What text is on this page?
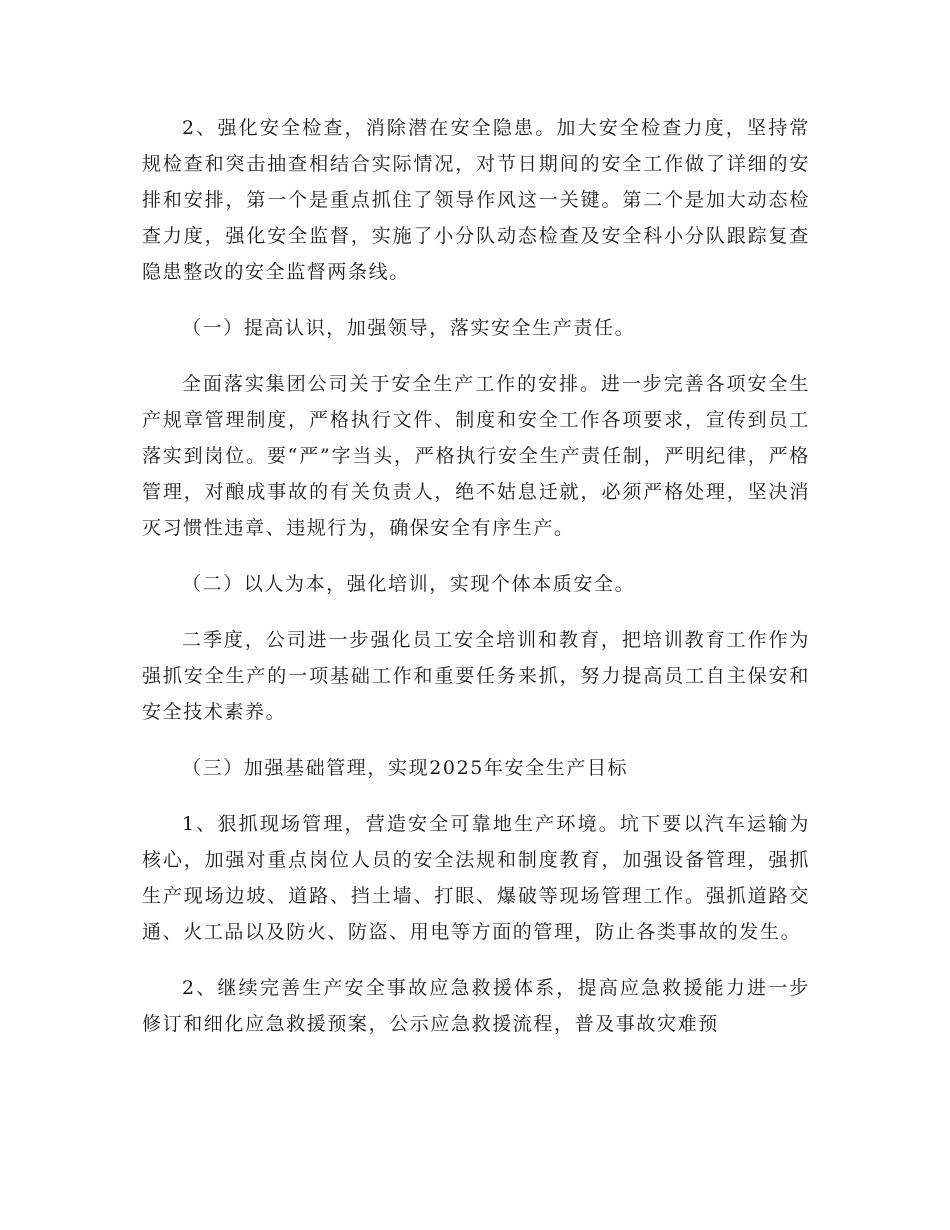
2、强化安全检查，消除潜在安全隐患。加大安全检查力度，坚持常规检查和突击抽查相结合实际情况，对节日期间的安全工作做了详细的安排和安排，第一个是重点抓住了领导作风这一关键。第二个是加大动态检查力度，强化安全监督，实施了小分队动态检查及安全科小分队跟踪复查隐患整改的安全监督两条线。

（一）提高认识，加强领导，落实安全生产责任。

全面落实集团公司关于安全生产工作的安排。进一步完善各项安全生产规章管理制度，严格执行文件、制度和安全工作各项要求，宣传到员工落实到岗位。要“严”字当头，严格执行安全生产责任制，严明纪律，严格管理，对酿成事故的有关负责人，绝不姑息迁就，必须严格处理，坚决消灭习惯性违章、违规行为，确保安全有序生产。

（二）以人为本，强化培训，实现个体本质安全。

二季度，公司进一步强化员工安全培训和教育，把培训教育工作作为强抓安全生产的一项基础工作和重要任务来抓，努力提高员工自主保安和安全技术素养。

（三）加强基础管理，实现2025年安全生产目标

1、狠抓现场管理，营造安全可靠地生产环境。坑下要以汽车运输为核心，加强对重点岗位人员的安全法规和制度教育，加强设备管理，强抓生产现场边坡、道路、挡土墙、打眼、爆破等现场管理工作。强抓道路交通、火工品以及防火、防盗、用电等方面的管理，防止各类事故的发生。

2、继续完善生产安全事故应急救援体系，提高应急救援能力进一步修订和细化应急救援预案，公示应急救援流程，普及事故灾难预
